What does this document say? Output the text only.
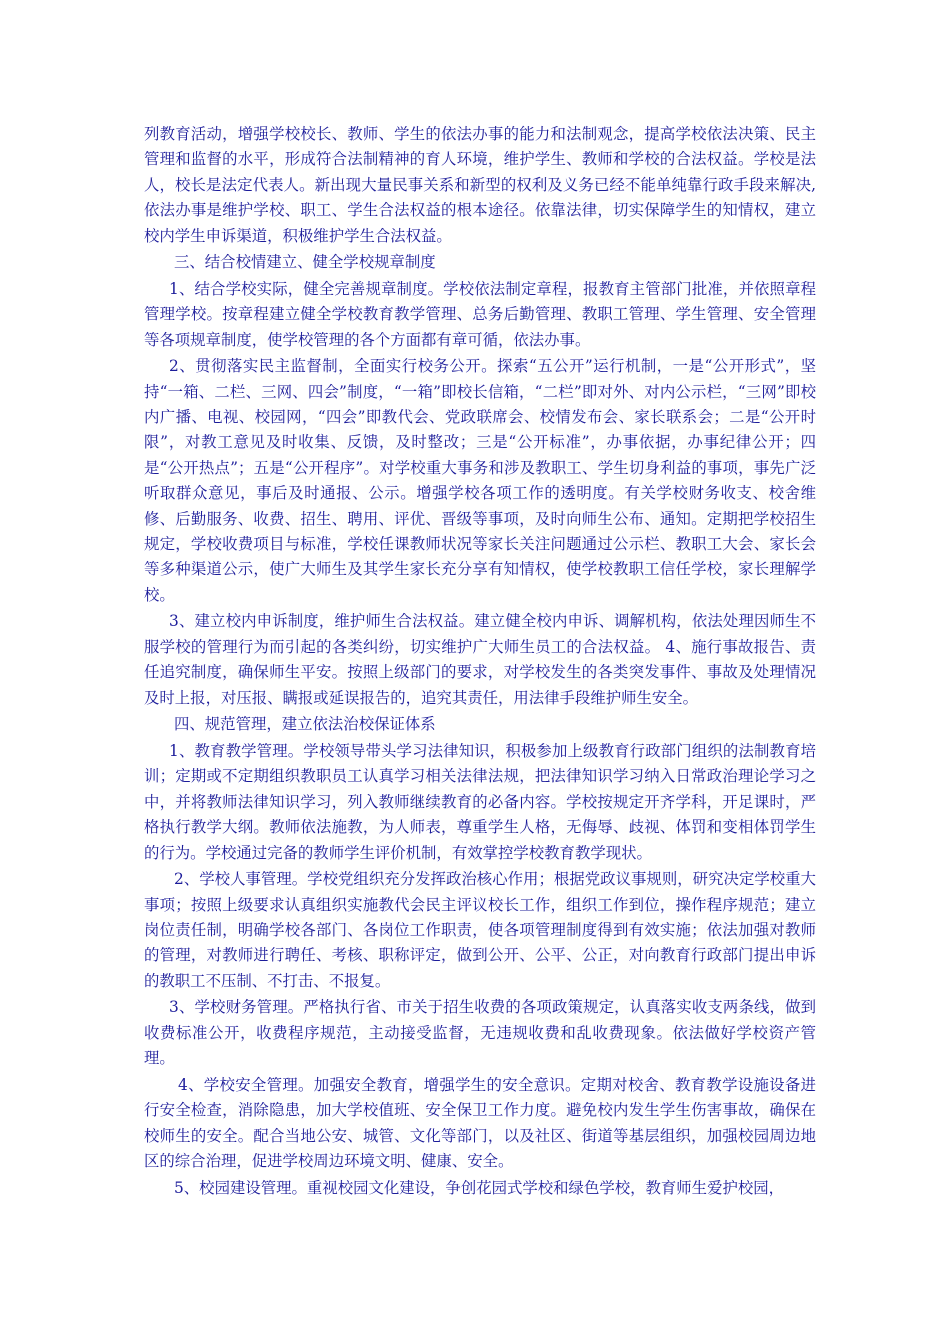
列教育活动，增强学校校长、教师、学生的依法办事的能力和法制观念，提高学校依法决策、民主管理和监督的水平，形成符合法制精神的育人环境，维护学生、教师和学校的合法权益。学校是法人，校长是法定代表人。新出现大量民事关系和新型的权利及义务已经不能单纯靠行政手段来解决,依法办事是维护学校、职工、学生合法权益的根本途径。依靠法律，切实保障学生的知情权，建立校内学生申诉渠道，积极维护学生合法权益。

三、结合校情建立、健全学校规章制度

1、结合学校实际，健全完善规章制度。学校依法制定章程，报教育主管部门批准，并依照章程管理学校。按章程建立健全学校教育教学管理、总务后勤管理、教职工管理、学生管理、安全管理等各项规章制度，使学校管理的各个方面都有章可循，依法办事。

2、贯彻落实民主监督制，全面实行校务公开。探索“五公开”运行机制，一是“公开形式”，坚持“一箱、二栏、三网、四会”制度，“一箱”即校长信箱，“二栏”即对外、对内公示栏，“三网”即校内广播、电视、校园网，“四会”即教代会、党政联席会、校情发布会、家长联系会；二是“公开时限”，对教工意见及时收集、反馈，及时整改；三是“公开标准”，办事依据，办事纪律公开；四是“公开热点”；五是“公开程序”。对学校重大事务和涉及教职工、学生切身利益的事项，事先广泛听取群众意见，事后及时通报、公示。增强学校各项工作的透明度。有关学校财务收支、校舍维修、后勤服务、收费、招生、聘用、评优、晋级等事项，及时向师生公布、通知。定期把学校招生规定，学校收费项目与标准，学校任课教师状况等家长关注问题通过公示栏、教职工大会、家长会等多种渠道公示，使广大师生及其学生家长充分享有知情权，使学校教职工信任学校，家长理解学校。

3、建立校内申诉制度，维护师生合法权益。建立健全校内申诉、调解机构，依法处理因师生不服学校的管理行为而引起的各类纠纷，切实维护广大师生员工的合法权益。 4、施行事故报告、责任追究制度，确保师生平安。按照上级部门的要求，对学校发生的各类突发事件、事故及处理情况及时上报，对压报、瞒报或延误报告的，追究其责任，用法律手段维护师生安全。

四、规范管理，建立依法治校保证体系

1、教育教学管理。学校领导带头学习法律知识，积极参加上级教育行政部门组织的法制教育培训；定期或不定期组织教职员工认真学习相关法律法规，把法律知识学习纳入日常政治理论学习之中，并将教师法律知识学习，列入教师继续教育的必备内容。学校按规定开齐学科，开足课时，严格执行教学大纲。教师依法施教，为人师表，尊重学生人格，无侮辱、歧视、体罚和变相体罚学生的行为。学校通过完备的教师学生评价机制，有效掌控学校教育教学现状。

2、学校人事管理。学校党组织充分发挥政治核心作用；根据党政议事规则，研究决定学校重大事项；按照上级要求认真组织实施教代会民主评议校长工作，组织工作到位，操作程序规范；建立岗位责任制，明确学校各部门、各岗位工作职责，使各项管理制度得到有效实施；依法加强对教师的管理，对教师进行聘任、考核、职称评定，做到公开、公平、公正，对向教育行政部门提出申诉的教职工不压制、不打击、不报复。

3、学校财务管理。严格执行省、市关于招生收费的各项政策规定，认真落实收支两条线，做到收费标准公开，收费程序规范，主动接受监督，无违规收费和乱收费现象。依法做好学校资产管理。

4、学校安全管理。加强安全教育，增强学生的安全意识。定期对校舍、教育教学设施设备进行安全检查，消除隐患，加大学校值班、安全保卫工作力度。避免校内发生学生伤害事故，确保在校师生的安全。配合当地公安、城管、文化等部门，以及社区、街道等基层组织，加强校园周边地区的综合治理，促进学校周边环境文明、健康、安全。

5、校园建设管理。重视校园文化建设，争创花园式学校和绿色学校，教育师生爱护校园，
